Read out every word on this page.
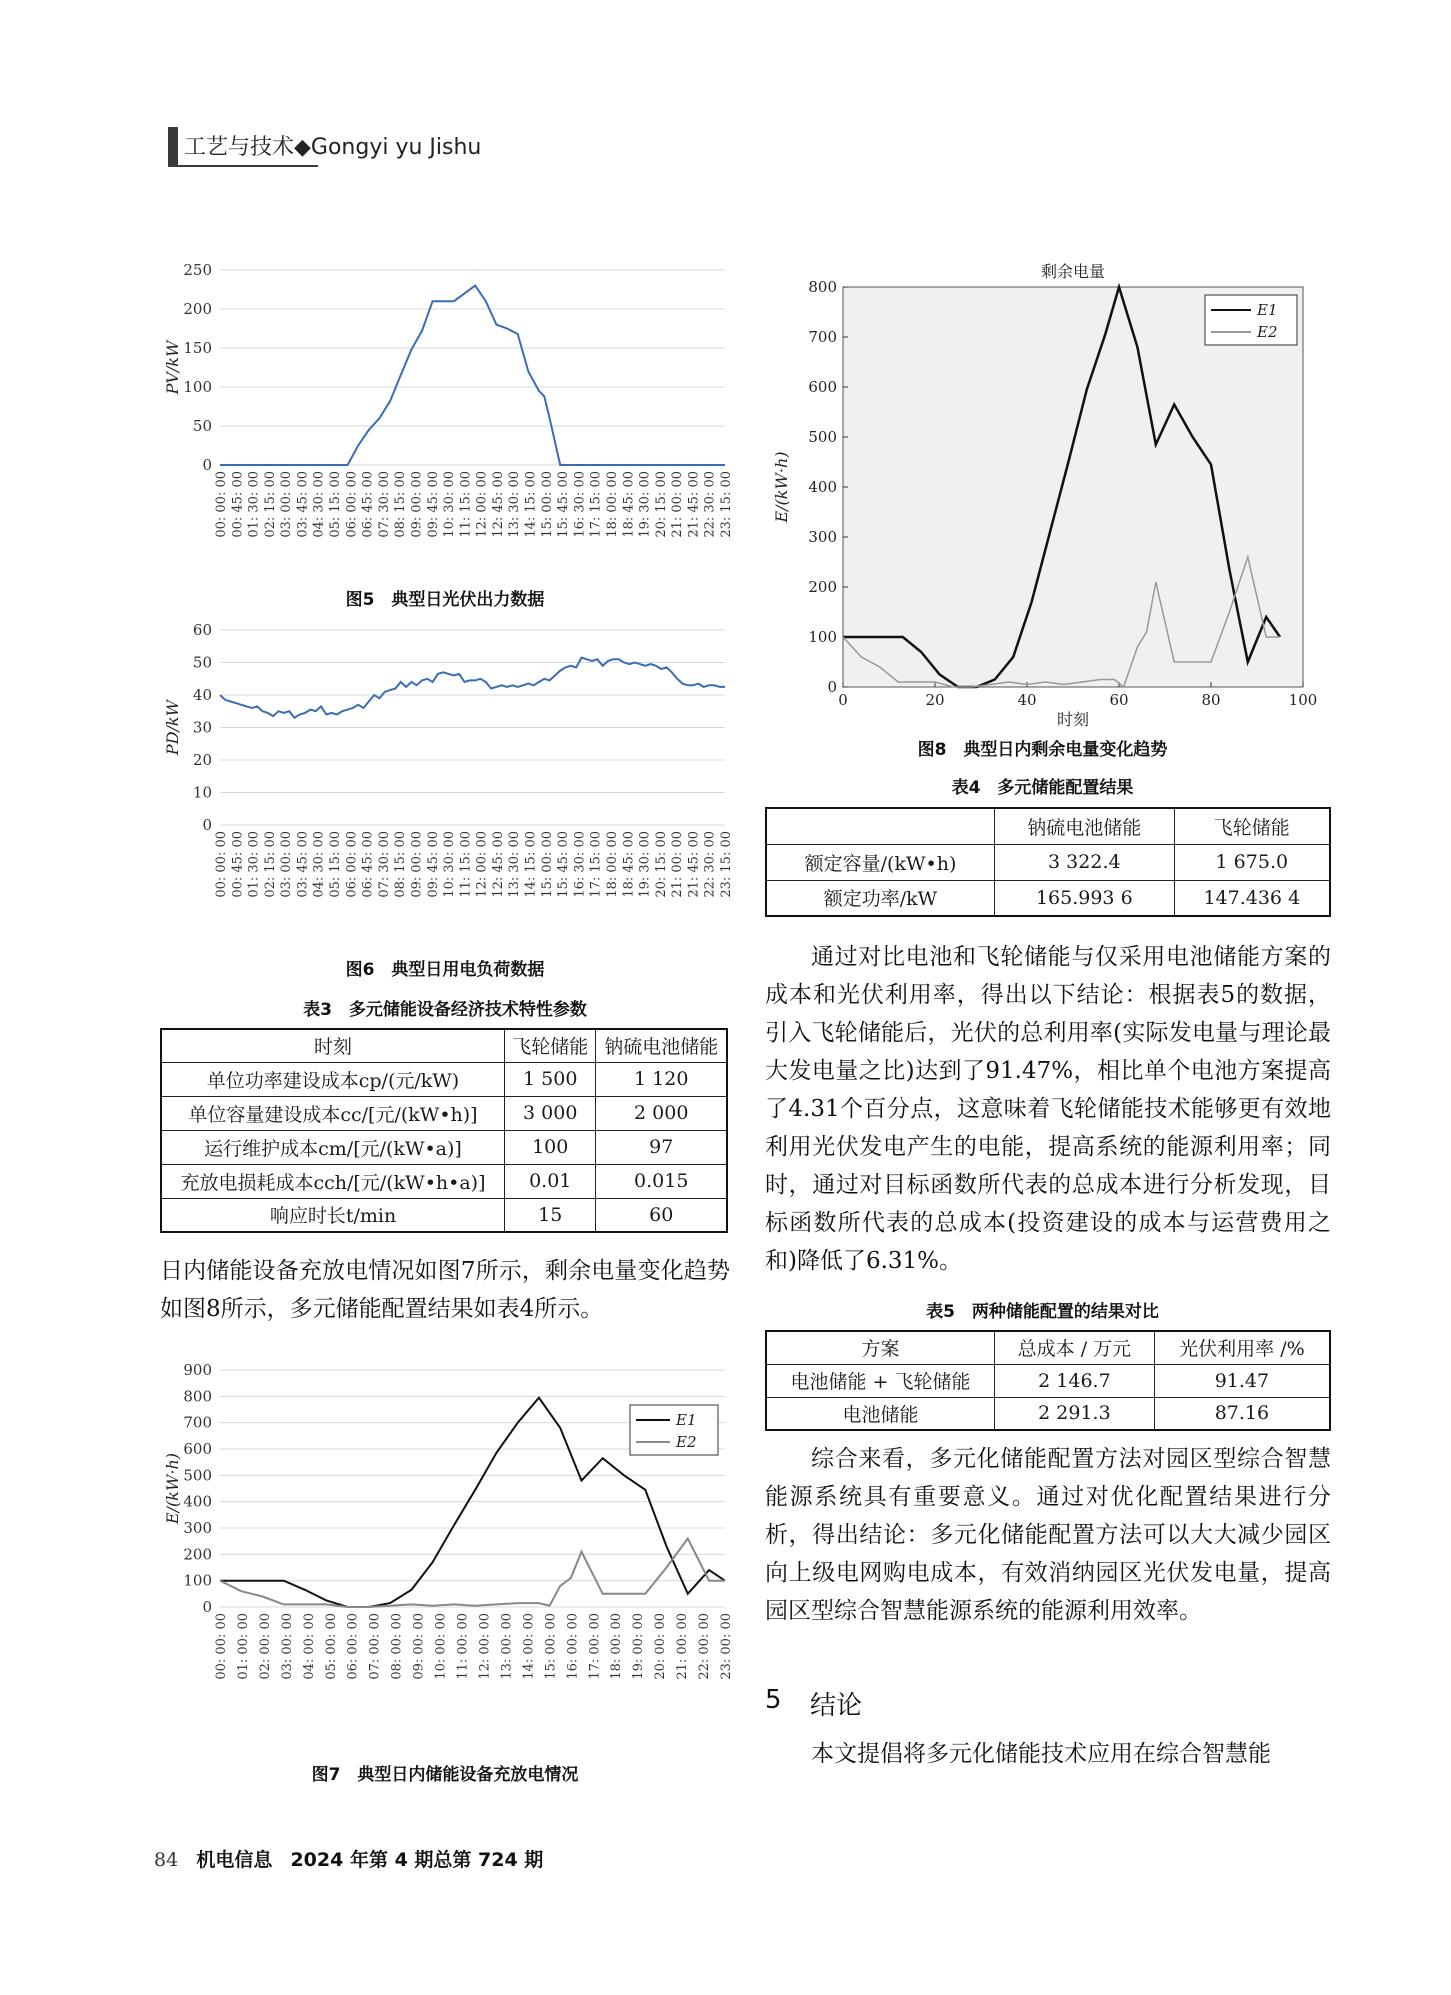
工艺与技术◆Gongyi yu Jishu
0
50
100
150
200
250
00: 00: 00 00: 45: 00 01: 30: 00 02: 15: 00 03: 00: 00 03: 45: 00 04: 30: 00 05: 15: 00 06: 00: 00 06: 45: 00 07: 30: 00 08: 15: 00 09: 00: 00 09: 45: 00 10: 30: 00 11: 15: 00 12: 00: 00 12: 45: 00 13: 30: 00 14: 15: 00 15: 00: 00 15: 45: 00 16: 30: 00 17: 15: 00 18: 00: 00 18: 45: 00 19: 30: 00 20: 15: 00 21: 00: 00 21: 45: 00 22: 30: 00 23: 15: 00
PV/kW
图5　典型日光伏出力数据
0
10
20
30
40
50
60
00: 00: 00 00: 45: 00 01: 30: 00 02: 15: 00 03: 00: 00 03: 45: 00 04: 30: 00 05: 15: 00 06: 00: 00 06: 45: 00 07: 30: 00 08: 15: 00 09: 00: 00 09: 45: 00 10: 30: 00 11: 15: 00 12: 00: 00 12: 45: 00 13: 30: 00 14: 15: 00 15: 00: 00 15: 45: 00 16: 30: 00 17: 15: 00 18: 00: 00 18: 45: 00 19: 30: 00 20: 15: 00 21: 00: 00 21: 45: 00 22: 30: 00 23: 15: 00
PD/kW
图6　典型日用电负荷数据
表3　多元储能设备经济技术特性参数
时刻	飞轮储能	钠硫电池储能
单位功率建设成本cp/(元/kW)	1 500	1 120
单位容量建设成本cc/[元/(kW•h)]	3 000	2 000
运行维护成本cm/[元/(kW•a)]	100	97
充放电损耗成本cch/[元/(kW•h•a)]	0.01	0.015
响应时长t/min	15	60
日内储能设备充放电情况如图7所示，剩余电量变化趋势如图8所示，多元储能配置结果如表4所示。
0
100
200
300
400
500
600
700
800
900
00: 00: 00 01: 00: 00 02: 00: 00 03: 00: 00 04: 00: 00 05: 00: 00 06: 00: 00 07: 00: 00 08: 00: 00 09: 00: 00 10: 00: 00 11: 00: 00 12: 00: 00 13: 00: 00 14: 00: 00 15: 00: 00 16: 00: 00 17: 00: 00 18: 00: 00 19: 00: 00 20: 00: 00 21: 00: 00 22: 00: 00 23: 00: 00
E/(kW·h)
E1
E2
图7　典型日内储能设备充放电情况
剩余电量
0
100
200
300
400
500
600
700
800
0	20	40	60	80	100
时刻
E/(kW·h)
E1
E2
图8　典型日内剩余电量变化趋势
表4　多元储能配置结果
	钠硫电池储能	飞轮储能
额定容量/(kW•h)	3 322.4	1 675.0
额定功率/kW	165.993 6	147.436 4
通过对比电池和飞轮储能与仅采用电池储能方案的成本和光伏利用率，得出以下结论：根据表5的数据，引入飞轮储能后，光伏的总利用率(实际发电量与理论最大发电量之比)达到了91.47%，相比单个电池方案提高了4.31个百分点，这意味着飞轮储能技术能够更有效地利用光伏发电产生的电能，提高系统的能源利用率；同时，通过对目标函数所代表的总成本进行分析发现，目标函数所代表的总成本(投资建设的成本与运营费用之和)降低了6.31%。
表5　两种储能配置的结果对比
方案	总成本 / 万元	光伏利用率 /%
电池储能 + 飞轮储能	2 146.7	91.47
电池储能	2 291.3	87.16
综合来看，多元化储能配置方法对园区型综合智慧能源系统具有重要意义。通过对优化配置结果进行分析，得出结论：多元化储能配置方法可以大大减少园区向上级电网购电成本，有效消纳园区光伏发电量，提高园区型综合智慧能源系统的能源利用效率。
5 结论
本文提倡将多元化储能技术应用在综合智慧能
84 机电信息 2024 年第 4 期总第 724 期
